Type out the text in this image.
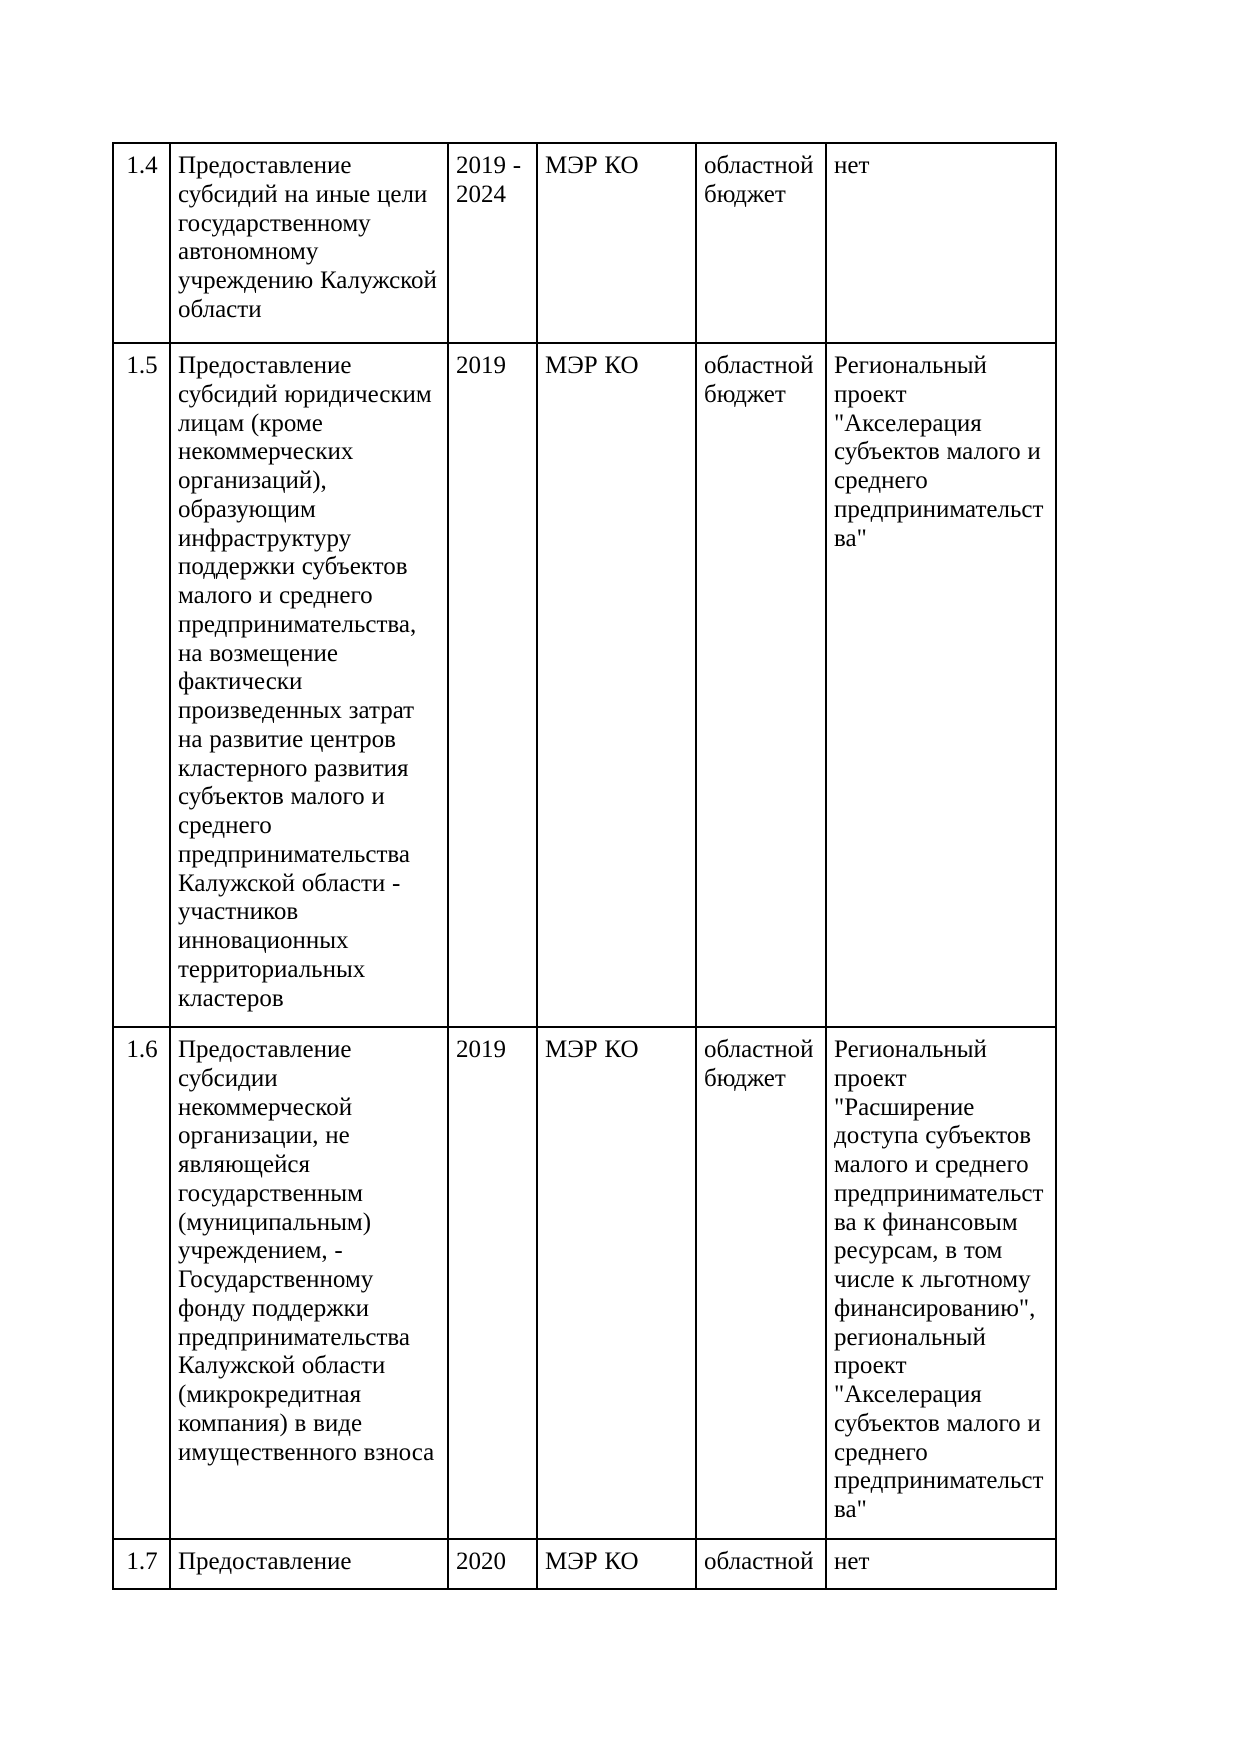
1.4	Предоставление субсидий на иные цели государственному автономному учреждению Калужской области	2019 - 2024	МЭР КО	областной бюджет	нет
1.5	Предоставление субсидий юридическим лицам (кроме некоммерческих организаций), образующим инфраструктуру поддержки субъектов малого и среднего предпринимательства, на возмещение фактически произведенных затрат на развитие центров кластерного развития субъектов малого и среднего предпринимательства Калужской области - участников инновационных территориальных кластеров	2019	МЭР КО	областной бюджет	Региональный проект "Акселерация субъектов малого и среднего предпринимательства"
1.6	Предоставление субсидии некоммерческой организации, не являющейся государственным (муниципальным) учреждением, - Государственному фонду поддержки предпринимательства Калужской области (микрокредитная компания) в виде имущественного взноса	2019	МЭР КО	областной бюджет	Региональный проект "Расширение доступа субъектов малого и среднего предпринимательства к финансовым ресурсам, в том числе к льготному финансированию", региональный проект "Акселерация субъектов малого и среднего предпринимательства"
1.7	Предоставление	2020	МЭР КО	областной	нет
